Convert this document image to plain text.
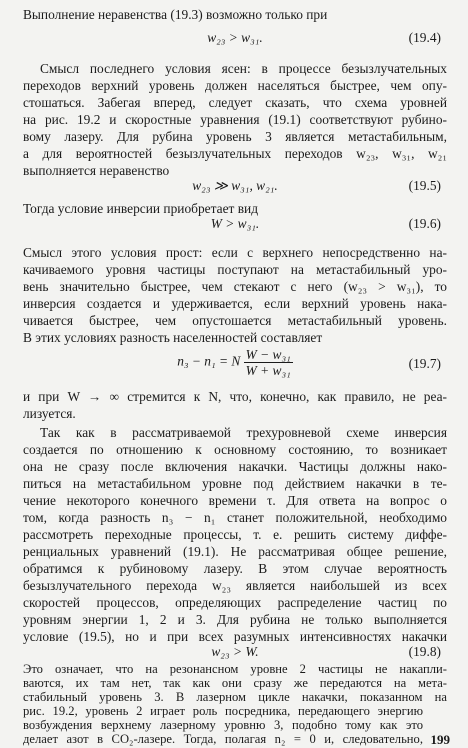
Выполнение неравенства (19.3) возможно только при

w₂₃ > w₃₁.	(19.4)

Смысл последнего условия ясен: в процессе безызлучательных

переходов верхний уровень должен населяться быстрее, чем опу-

стошаться. Забегая вперед, следует сказать, что схема уровней

на рис. 19.2 и скоростные уравнения (19.1) соответствуют рубино-

вому лазеру. Для рубина уровень 3 является метастабильным,

а для вероятностей безызлучательных переходов w₂₃, w₃₁, w₂₁

выполняется неравенство

w₂₃ ≫ w₃₁, w₂₁.	(19.5)

Тогда условие инверсии приобретает вид

W > w₃₁.	(19.6)

Смысл этого условия прост: если с верхнего непосредственно на-

качиваемого уровня частицы поступают на метастабильный уро-

вень значительно быстрее, чем стекают с него (w₂₃ > w₃₁), то

инверсия создается и удерживается, если верхний уровень нака-

чивается быстрее, чем опустошается метастабильный уровень.

В этих условиях разность населенностей составляет

n₃ − n₁ = N $\frac{\text{W − w₃₁}}{\text{W + w₃₁}}$	(19.7)

и при W → ∞ стремится к N, что, конечно, как правило, не реа-

лизуется.

Так как в рассматриваемой трехуровневой схеме инверсия

создается по отношению к основному состоянию, то возникает

она не сразу после включения накачки. Частицы должны нако-

питься на метастабильном уровне под действием накачки в те-

чение некоторого конечного времени τ. Для ответа на вопрос о

том, когда разность n₃ − n₁ станет положительной, необходимо

рассмотреть переходные процессы, т. е. решить систему диффе-

ренциальных уравнений (19.1). Не рассматривая общее решение,

обратимся к рубиновому лазеру. В этом случае вероятность

безызлучательного перехода w₂₃ является наибольшей из всех

скоростей процессов, определяющих распределение частиц по

уровням энергии 1, 2 и 3. Для рубина не только выполняется

условие (19.5), но и при всех разумных интенсивностях накачки

w₂₃ > W.	(19.8)

Это означает, что на резонансном уровне 2 частицы не накапли-

ваются, их там нет, так как они сразу же передаются на мета-

стабильный уровень 3. В лазерном цикле накачки, показанном на

рис. 19.2, уровень 2 играет роль посредника, передающего энергию

возбуждения верхнему лазерному уровню 3, подобно тому как это

делает азот в CO₂-лазере. Тогда, полагая n₂ = 0 и, следовательно, 199
